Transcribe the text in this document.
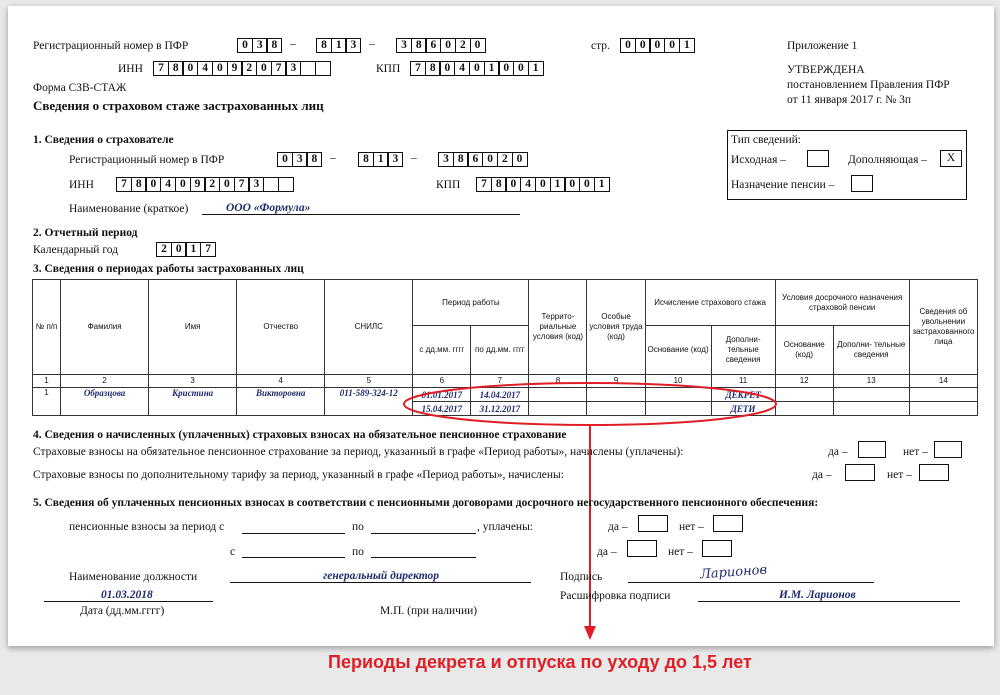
Регистрационный номер в ПФР	0 3 8	–	8 1 3	–	3 8 6 0 2 0	стр.	0 0 0 0 1
ИНН	7 8 0 4 0 9 2 0 7 3	КПП	7 8 0 4 0 1 0 0 1
Форма СЗВ-СТАЖ
Сведения о страховом стаже застрахованных лиц
Приложение 1
УТВЕРЖДЕНА
постановлением Правления ПФР
от 11 января 2017 г. № 3п
1. Сведения о страхователе
Регистрационный номер в ПФР	0 3 8	–	8 1 3	–	3 8 6 0 2 0
ИНН	7 8 0 4 0 9 2 0 7 3	КПП	7 8 0 4 0 1 0 0 1
Наименование (краткое)	ООО «Формула»
Тип сведений:
Исходная –	Дополняющая –	X
Назначение пенсии –
2. Отчетный период
Календарный год	2 0 1 7
3. Сведения о периодах работы застрахованных лиц
№ п/п	Фамилия	Имя	Отчество	СНИЛС	Период работы		Террито- риальные условия (код)	Особые условия труда (код)	Исчисление страхового стажа		Условия досрочного назначения страховой пенсии		Сведения об увольнении застрахованного лица
					с дд.мм. гггг	по дд.мм. гггг			Основание (код)	Дополни- тельные сведения	Основание (код)	Дополни- тельные сведения	
1	2	3	4	5	6	7	8	9	10	11	12	13	14
1	Образцова	Кристина	Викторовна	011-589-324-12	01.01.2017	14.04.2017				ДЕКРЕТ			
					15.04.2017	31.12.2017				ДЕТИ			
4. Сведения о начисленных (уплаченных) страховых взносах на обязательное пенсионное страхование
Страховые взносы на обязательное пенсионное страхование за период, указанный в графе «Период работы», начислены (уплачены):	да –	нет –
Страховые взносы по дополнительному тарифу за период, указанный в графе «Период работы», начислены:	да –	нет –
5. Сведения об уплаченных пенсионных взносах в соответствии с пенсионными договорами досрочного негосударственного пенсионного обеспечения:
пенсионные взносы за период с	по	, уплачены:	да –	нет –
с	по	да –	нет –
Наименование должности	генеральный директор	Подпись	Ларионов
01.03.2018
Дата (дд.мм.гггг)	М.П. (при наличии)
Расшифровка подписи	И.М. Ларионов
Периоды декрета и отпуска по уходу до 1,5 лет
